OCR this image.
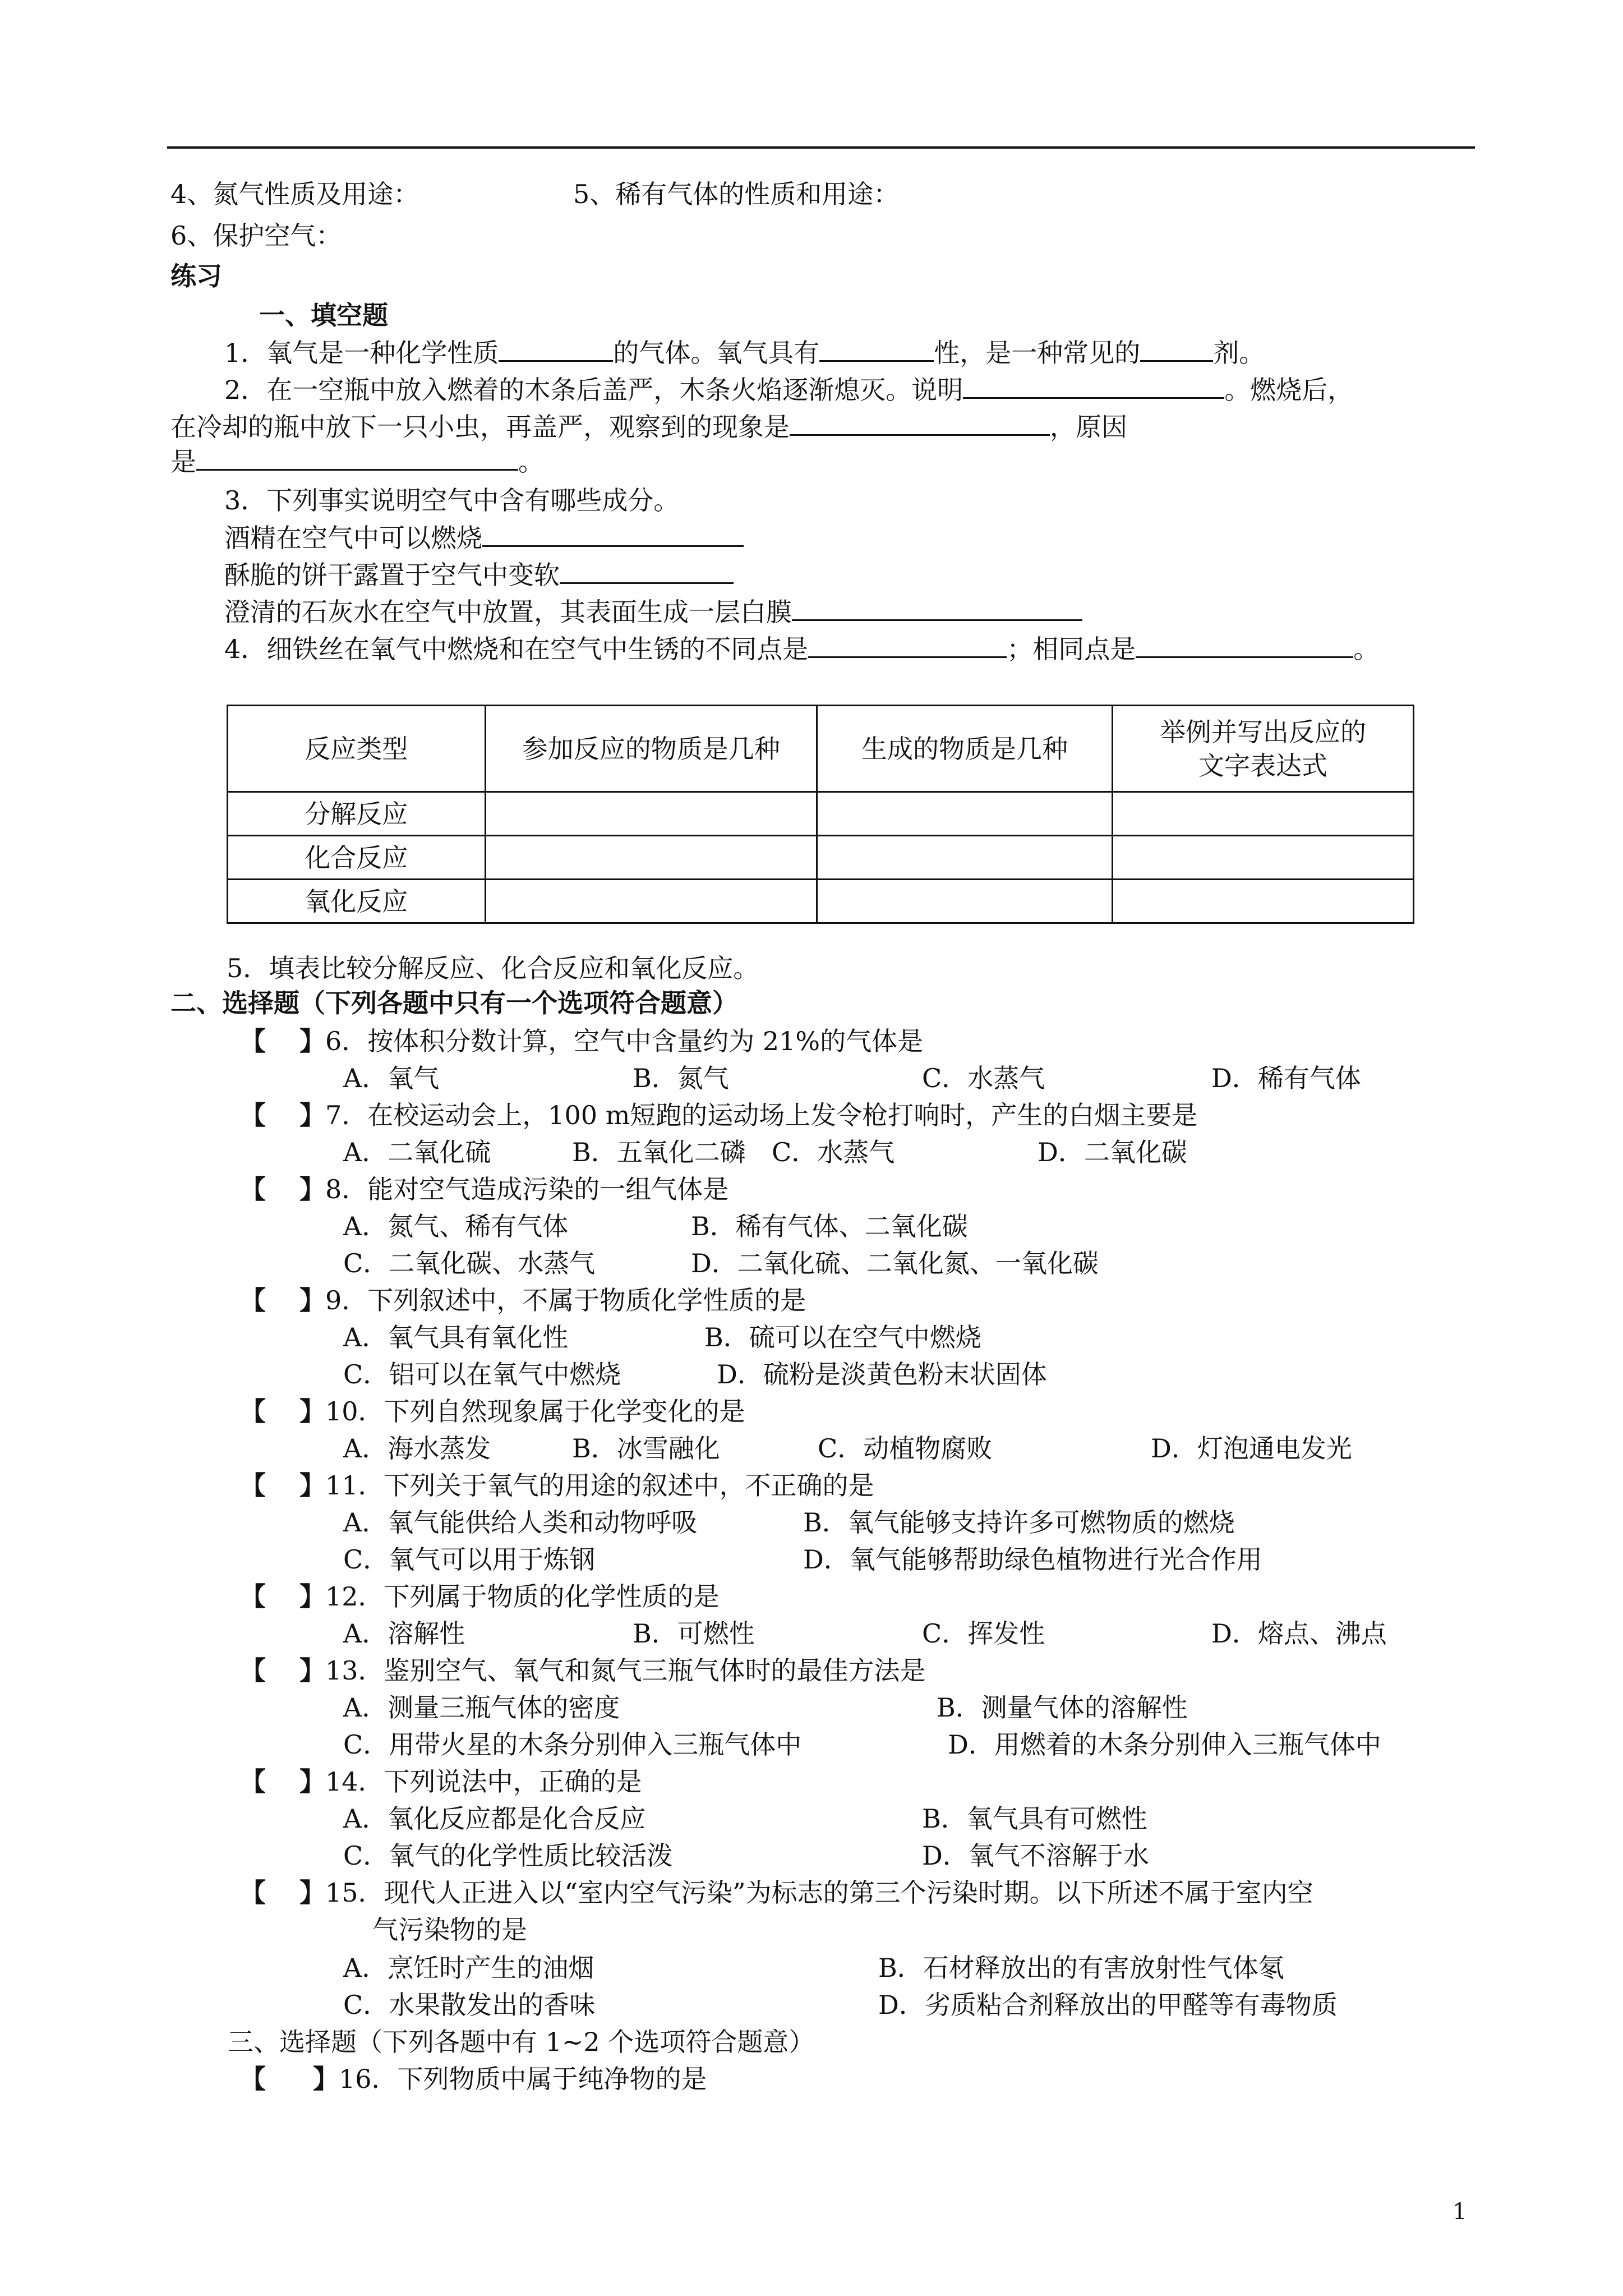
4、氮气性质及用途：	5、稀有气体的性质和用途：
6、保护空气：
练习
一、填空题
1．氧气是一种化学性质	的气体。氧气具有	性，是一种常见的	剂。
2．在一空瓶中放入燃着的木条后盖严，木条火焰逐渐熄灭。说明	。燃烧后，
在冷却的瓶中放下一只小虫，再盖严，观察到的现象是	，原因
是	。
3．下列事实说明空气中含有哪些成分。
酒精在空气中可以燃烧
酥脆的饼干露置于空气中变软
澄清的石灰水在空气中放置，其表面生成一层白膜
4．细铁丝在氧气中燃烧和在空气中生锈的不同点是	；相同点是	。
反应类型	参加反应的物质是几种	生成的物质是几种	举例并写出反应的
文字表达式
分解反应			
化合反应			
氧化反应			
5．填表比较分解反应、化合反应和氧化反应。
二、选择题（下列各题中只有一个选项符合题意）
【 】6．按体积分数计算，空气中含量约为 21%的气体是
A．氧气	B．氮气	C．水蒸气	D．稀有气体
【 】7．在校运动会上，100 m短跑的运动场上发令枪打响时，产生的白烟主要是
A．二氧化硫	B．五氧化二磷 C．水蒸气	D．二氧化碳
【 】8．能对空气造成污染的一组气体是
A．氮气、稀有气体	B．稀有气体、二氧化碳
C．二氧化碳、水蒸气	D．二氧化硫、二氧化氮、一氧化碳
【 】9．下列叙述中，不属于物质化学性质的是
A．氧气具有氧化性	B．硫可以在空气中燃烧
C．铝可以在氧气中燃烧	D．硫粉是淡黄色粉末状固体
【 】10．下列自然现象属于化学变化的是
A．海水蒸发	B．冰雪融化	C．动植物腐败	D．灯泡通电发光
【 】11．下列关于氧气的用途的叙述中，不正确的是
A．氧气能供给人类和动物呼吸	B．氧气能够支持许多可燃物质的燃烧
C．氧气可以用于炼钢	D．氧气能够帮助绿色植物进行光合作用
【 】12．下列属于物质的化学性质的是
A．溶解性	B．可燃性	C．挥发性	D．熔点、沸点
【 】13．鉴别空气、氧气和氮气三瓶气体时的最佳方法是
A．测量三瓶气体的密度	B．测量气体的溶解性
C．用带火星的木条分别伸入三瓶气体中	D．用燃着的木条分别伸入三瓶气体中
【 】14．下列说法中，正确的是
A．氧化反应都是化合反应	B．氧气具有可燃性
C．氧气的化学性质比较活泼	D．氧气不溶解于水
【 】15．现代人正进入以“室内空气污染”为标志的第三个污染时期。以下所述不属于室内空
气污染物的是
A．烹饪时产生的油烟	B．石材释放出的有害放射性气体氡
C．水果散发出的香味	D．劣质粘合剂释放出的甲醛等有毒物质
三、选择题（下列各题中有 1~2 个选项符合题意）
【 】16．下列物质中属于纯净物的是
1
